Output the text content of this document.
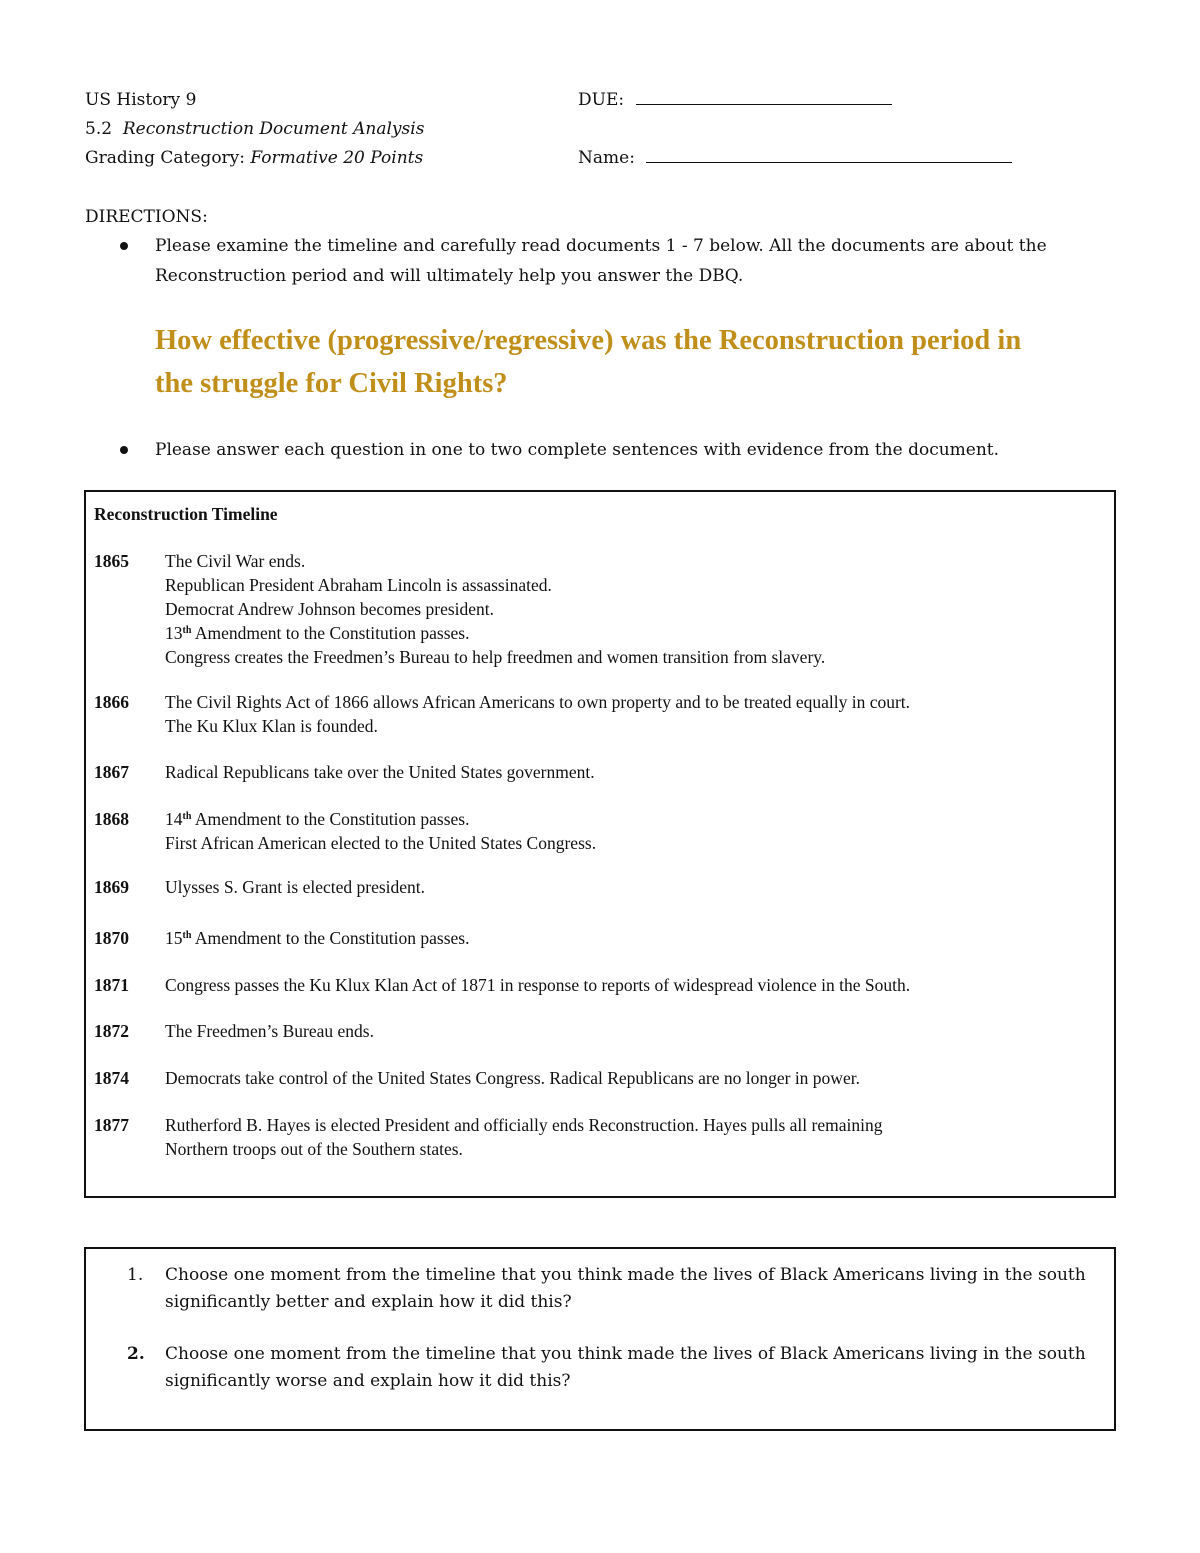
US History 9
5.2 Reconstruction Document Analysis
Grading Category: Formative 20 Points
DUE:
Name:
DIRECTIONS:
Please examine the timeline and carefully read documents 1 - 7 below. All the documents are about the
Reconstruction period and will ultimately help you answer the DBQ.
How effective (progressive/regressive) was the Reconstruction period in
the struggle for Civil Rights?
Please answer each question in one to two complete sentences with evidence from the document.
Reconstruction Timeline
1865 The Civil War ends.
Republican President Abraham Lincoln is assassinated.
Democrat Andrew Johnson becomes president.
13th Amendment to the Constitution passes.
Congress creates the Freedmen’s Bureau to help freedmen and women transition from slavery.
1866 The Civil Rights Act of 1866 allows African Americans to own property and to be treated equally in court.
The Ku Klux Klan is founded.
1867 Radical Republicans take over the United States government.
1868 14th Amendment to the Constitution passes.
First African American elected to the United States Congress.
1869 Ulysses S. Grant is elected president.
1870 15th Amendment to the Constitution passes.
1871 Congress passes the Ku Klux Klan Act of 1871 in response to reports of widespread violence in the South.
1872 The Freedmen’s Bureau ends.
1874 Democrats take control of the United States Congress. Radical Republicans are no longer in power.
1877 Rutherford B. Hayes is elected President and officially ends Reconstruction. Hayes pulls all remaining
Northern troops out of the Southern states.
1. Choose one moment from the timeline that you think made the lives of Black Americans living in the south
significantly better and explain how it did this?
2. Choose one moment from the timeline that you think made the lives of Black Americans living in the south
significantly worse and explain how it did this?
